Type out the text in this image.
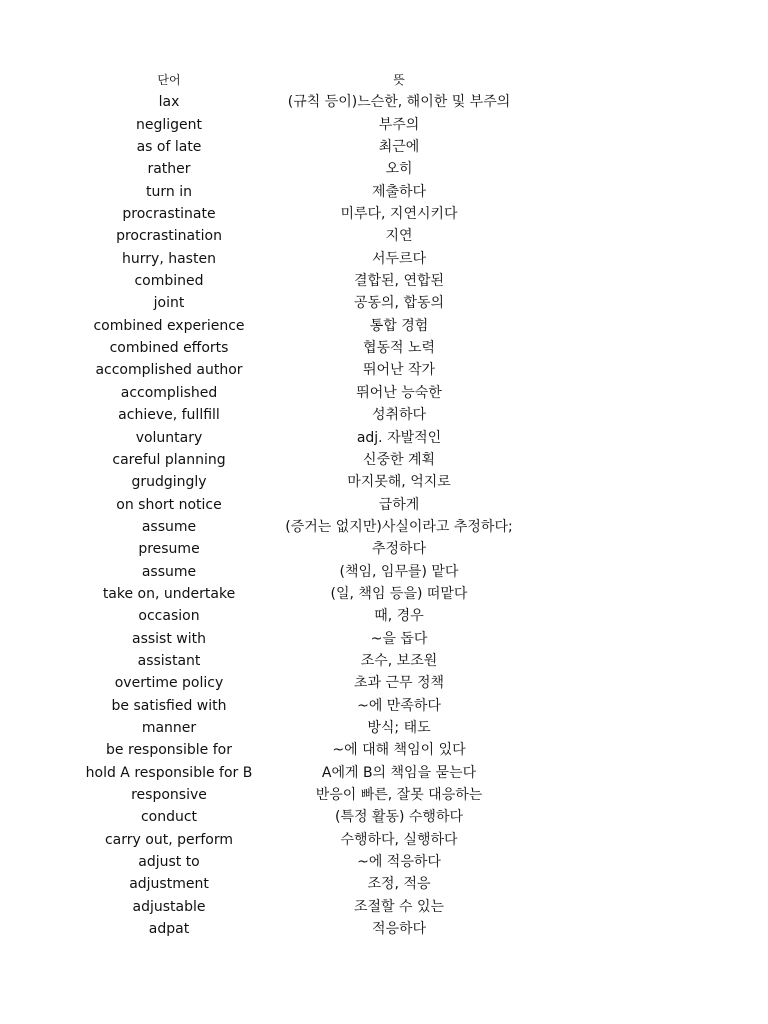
단어	뜻
lax	(규칙 등이)느슨한, 해이한 및 부주의
negligent	부주의
as of late	최근에
rather	오히
turn in	제출하다
procrastinate	미루다, 지연시키다
procrastination	지연
hurry, hasten	서두르다
combined	결합된, 연합된
joint	공동의, 합동의
combined experience	통합 경험
combined efforts	협동적 노력
accomplished author	뛰어난 작가
accomplished	뛰어난 능숙한
achieve, fullfill	성취하다
voluntary	adj. 자발적인
careful planning	신중한 계획
grudgingly	마지못해, 억지로
on short notice	급하게
assume	(증거는 없지만)사실이라고 추정하다;
presume	추정하다
assume	(책임, 임무를) 맡다
take on, undertake	(일, 책임 등을) 떠맡다
occasion	때, 경우
assist with	~을 돕다
assistant	조수, 보조원
overtime policy	초과 근무 정책
be satisfied with	~에 만족하다
manner	방식; 태도
be responsible for	~에 대해 책임이 있다
hold A responsible for B	A에게 B의 책임을 묻는다
responsive	반응이 빠른, 잘못 대응하는
conduct	(특정 활동) 수행하다
carry out, perform	수행하다, 실행하다
adjust to	~에 적응하다
adjustment	조정, 적응
adjustable	조절할 수 있는
adpat	적응하다
